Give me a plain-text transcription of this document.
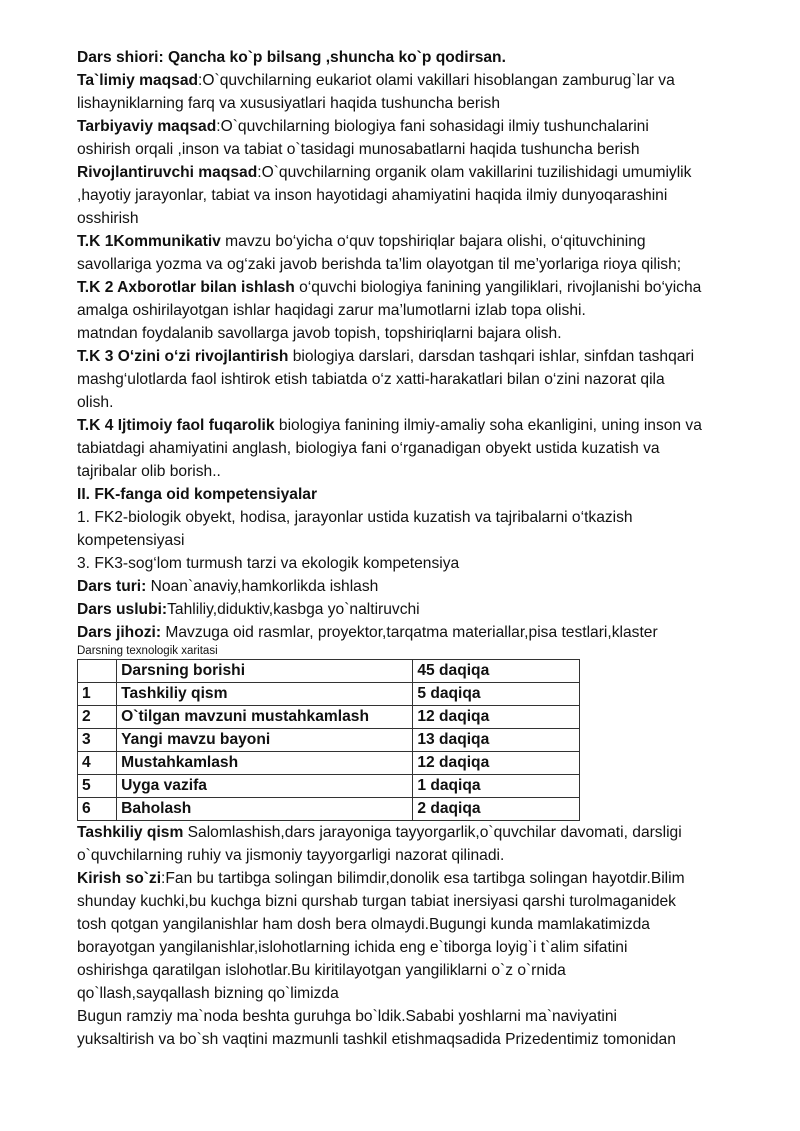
Dars shiori: Qancha ko`p bilsang ,shuncha ko`p qodirsan.

Ta`limiy maqsad:O`quvchilarning eukariot olami vakillari hisoblangan zamburug`lar va
lishayniklarning farq va xususiyatlari haqida tushuncha berish

Tarbiyaviy maqsad:O`quvchilarning biologiya fani sohasidagi ilmiy tushunchalarini
oshirish orqali ,inson va tabiat o`tasidagi munosabatlarni haqida tushuncha berish

Rivojlantiruvchi maqsad:O`quvchilarning organik olam vakillarini tuzilishidagi umumiylik
,hayotiy jarayonlar, tabiat va inson hayotidagi ahamiyatini haqida ilmiy dunyoqarashini
osshirish

T.K 1Kommunikativ mavzu bo‘yicha o‘quv topshiriqlar bajara olishi, o‘qituvchining
savollariga yozma va og‘zaki javob berishda ta’lim olayotgan til me’yorlariga rioya qilish;

T.K 2 Axborotlar bilan ishlash o‘quvchi biologiya fanining yangiliklari, rivojlanishi bo‘yicha
amalga oshirilayotgan ishlar haqidagi zarur ma’lumotlarni izlab topa olishi.
matndan foydalanib savollarga javob topish, topshiriqlarni bajara olish.

T.K 3 O‘zini o‘zi rivojlantirish biologiya darslari, darsdan tashqari ishlar, sinfdan tashqari
mashg‘ulotlarda faol ishtirok etish tabiatda o‘z xatti-harakatlari bilan o‘zini nazorat qila
olish.

T.K 4 Ijtimoiy faol fuqarolik biologiya fanining ilmiy-amaliy soha ekanligini, uning inson va
tabiatdagi ahamiyatini anglash, biologiya fani o‘rganadigan obyekt ustida kuzatish va
tajribalar olib borish..

II. FK-fanga oid kompetensiyalar

1. FK2-biologik obyekt, hodisa, jarayonlar ustida kuzatish va tajribalarni o‘tkazish
kompetensiyasi

3. FK3-sog‘lom turmush tarzi va ekologik kompetensiya

Dars turi: Noan`anaviy,hamkorlikda ishlash

Dars uslubi:Tahliliy,diduktiv,kasbga yo`naltiruvchi

Dars jihozi: Mavzuga oid rasmlar, proyektor,tarqatma materiallar,pisa testlari,klaster

Darsning texnologik xaritasi

	Darsning borishi	45 daqiqa
1	Tashkiliy qism	5 daqiqa
2	O`tilgan mavzuni mustahkamlash	12 daqiqa
3	Yangi mavzu bayoni	13 daqiqa
4	Mustahkamlash	12 daqiqa
5	Uyga vazifa	1 daqiqa
6	Baholash	2 daqiqa

Tashkiliy qism Salomlashish,dars jarayoniga tayyorgarlik,o`quvchilar davomati, darsligi
o`quvchilarning ruhiy va jismoniy tayyorgarligi nazorat qilinadi.

Kirish so`zi:Fan bu tartibga solingan bilimdir,donolik esa tartibga solingan hayotdir.Bilim
shunday kuchki,bu kuchga bizni qurshab turgan tabiat inersiyasi qarshi turolmaganidek
tosh qotgan yangilanishlar ham dosh bera olmaydi.Bugungi kunda mamlakatimizda
borayotgan yangilanishlar,islohotlarning ichida eng e`tiborga loyig`i t`alim sifatini
oshirishga qaratilgan islohotlar.Bu kiritilayotgan yangiliklarni o`z o`rnida
qo`llash,sayqallash bizning qo`limizda

Bugun ramziy ma`noda beshta guruhga bo`ldik.Sababi yoshlarni ma`naviyatini
yuksaltirish va bo`sh vaqtini mazmunli tashkil etishmaqsadida Prizedentimiz tomonidan
